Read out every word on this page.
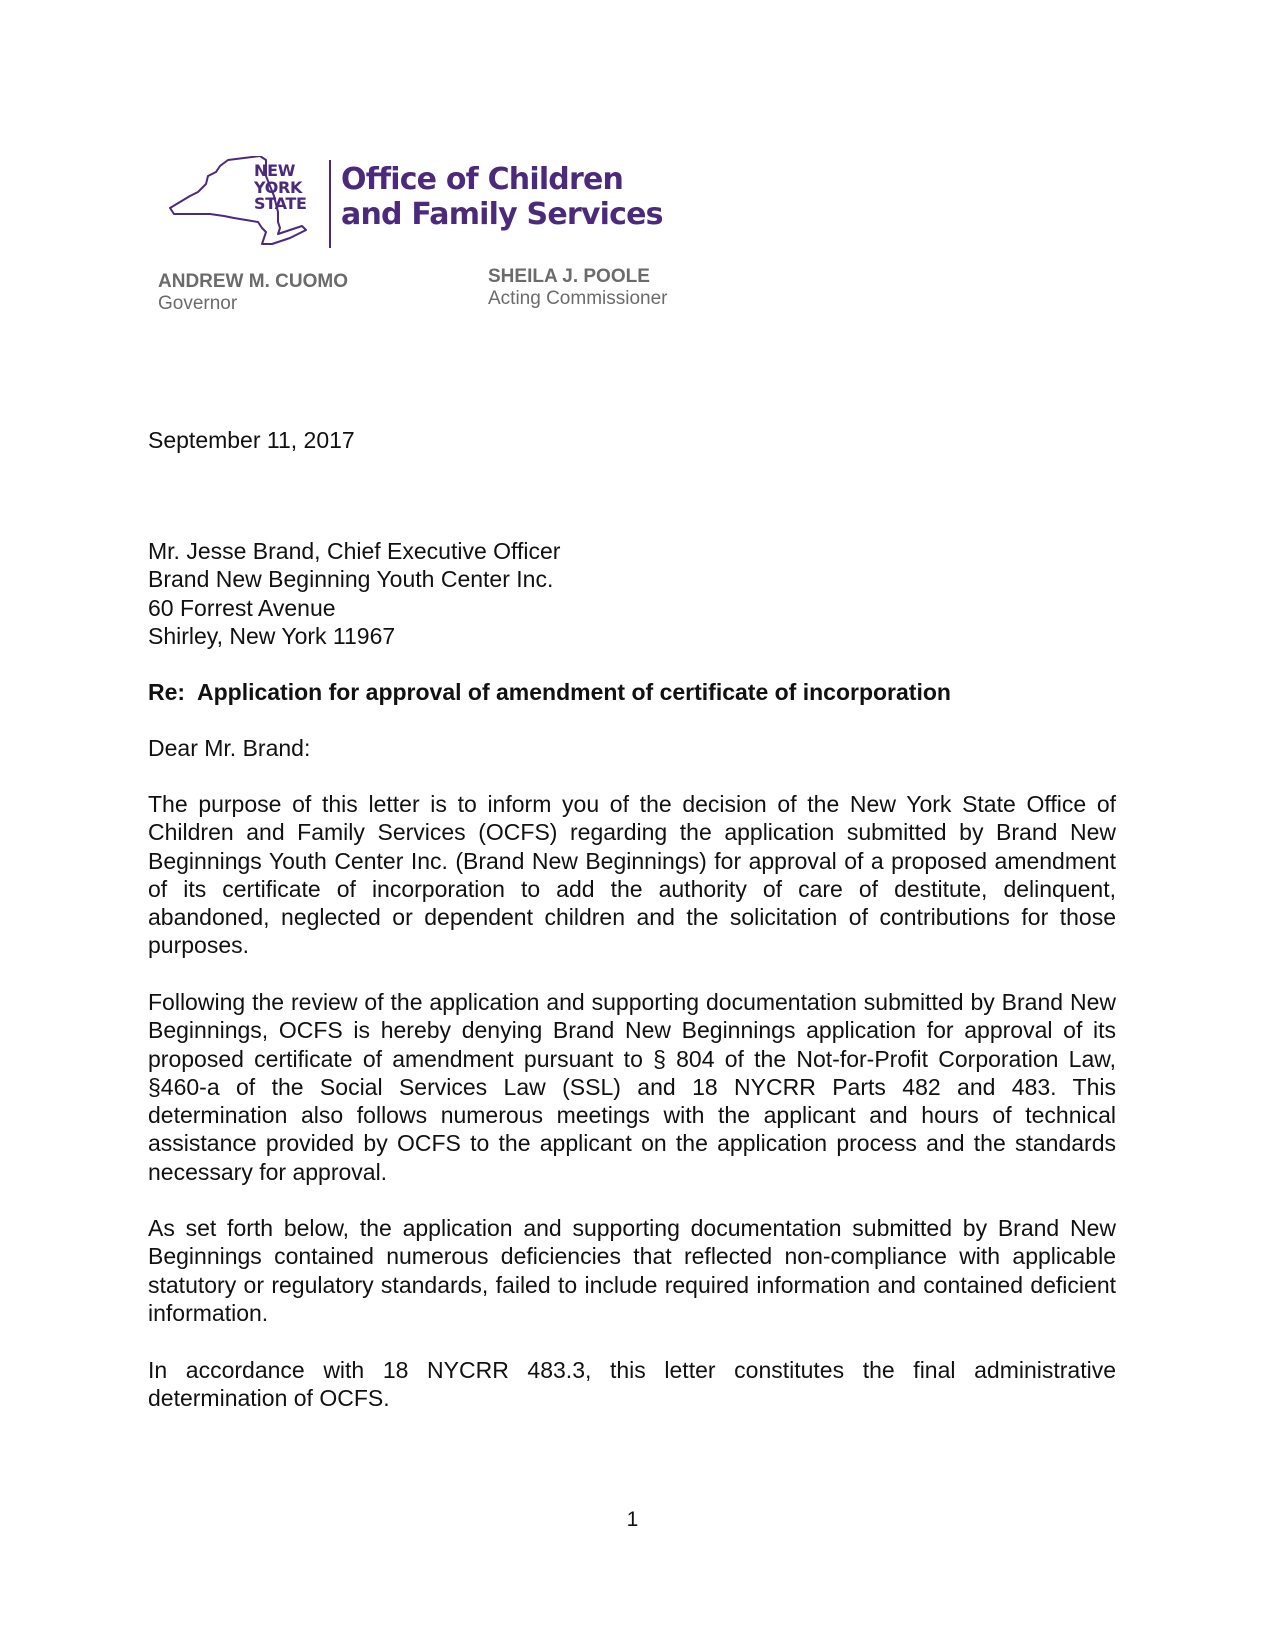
NEW
YORK
STATE
Office of Children
and Family Services
ANDREW M. CUOMO
Governor
SHEILA J. POOLE
Acting Commissioner
September 11, 2017
Mr. Jesse Brand, Chief Executive Officer
Brand New Beginning Youth Center Inc.
60 Forrest Avenue
Shirley, New York 11967
Re:  Application for approval of amendment of certificate of incorporation
Dear Mr. Brand:
The purpose of this letter is to inform you of the decision of the New York State Office of Children and Family Services (OCFS) regarding the application submitted by Brand New Beginnings Youth Center Inc. (Brand New Beginnings) for approval of a proposed amendment of its certificate of incorporation to add the authority of care of destitute, delinquent, abandoned, neglected or dependent children and the solicitation of contributions for those purposes.
Following the review of the application and supporting documentation submitted by Brand New Beginnings, OCFS is hereby denying Brand New Beginnings application for approval of its proposed certificate of amendment pursuant to § 804 of the Not-for-Profit Corporation Law, §460-a of the Social Services Law (SSL) and 18 NYCRR Parts 482 and 483. This determination also follows numerous meetings with the applicant and hours of technical assistance provided by OCFS to the applicant on the application process and the standards necessary for approval.
As set forth below, the application and supporting documentation submitted by Brand New Beginnings contained numerous deficiencies that reflected non-compliance with applicable statutory or regulatory standards, failed to include required information and contained deficient information.
In accordance with 18 NYCRR 483.3, this letter constitutes the final administrative determination of OCFS.
1
